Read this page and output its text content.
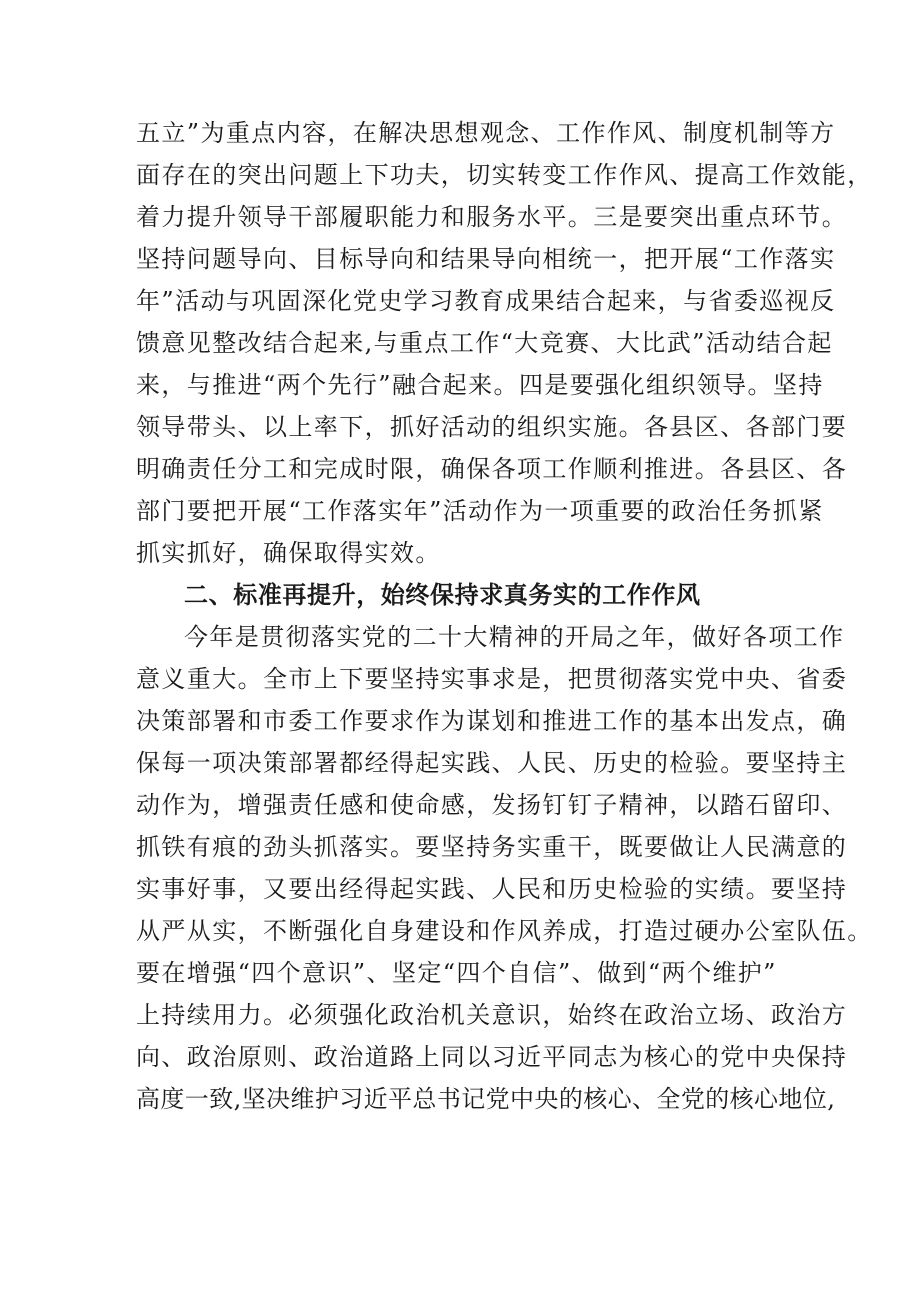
五立”为重点内容，在解决思想观念、工作作风、制度机制等方
面存在的突出问题上下功夫，切实转变工作作风、提高工作效能，
着力提升领导干部履职能力和服务水平。三是要突出重点环节。
坚持问题导向、目标导向和结果导向相统一，把开展“工作落实
年”活动与巩固深化党史学习教育成果结合起来，与省委巡视反
馈意见整改结合起来,与重点工作“大竞赛、大比武”活动结合起
来，与推进“两个先行”融合起来。四是要强化组织领导。坚持
领导带头、以上率下，抓好活动的组织实施。各县区、各部门要
明确责任分工和完成时限，确保各项工作顺利推进。各县区、各
部门要把开展“工作落实年”活动作为一项重要的政治任务抓紧
抓实抓好，确保取得实效。
二、标准再提升，始终保持求真务实的工作作风
今年是贯彻落实党的二十大精神的开局之年，做好各项工作
意义重大。全市上下要坚持实事求是，把贯彻落实党中央、省委
决策部署和市委工作要求作为谋划和推进工作的基本出发点，确
保每一项决策部署都经得起实践、人民、历史的检验。要坚持主
动作为，增强责任感和使命感，发扬钉钉子精神，以踏石留印、
抓铁有痕的劲头抓落实。要坚持务实重干，既要做让人民满意的
实事好事，又要出经得起实践、人民和历史检验的实绩。要坚持
从严从实，不断强化自身建设和作风养成，打造过硬办公室队伍。
要在增强“四个意识”、坚定“四个自信”、做到“两个维护”
上持续用力。必须强化政治机关意识，始终在政治立场、政治方
向、政治原则、政治道路上同以习近平同志为核心的党中央保持
高度一致,坚决维护习近平总书记党中央的核心、全党的核心地位,
